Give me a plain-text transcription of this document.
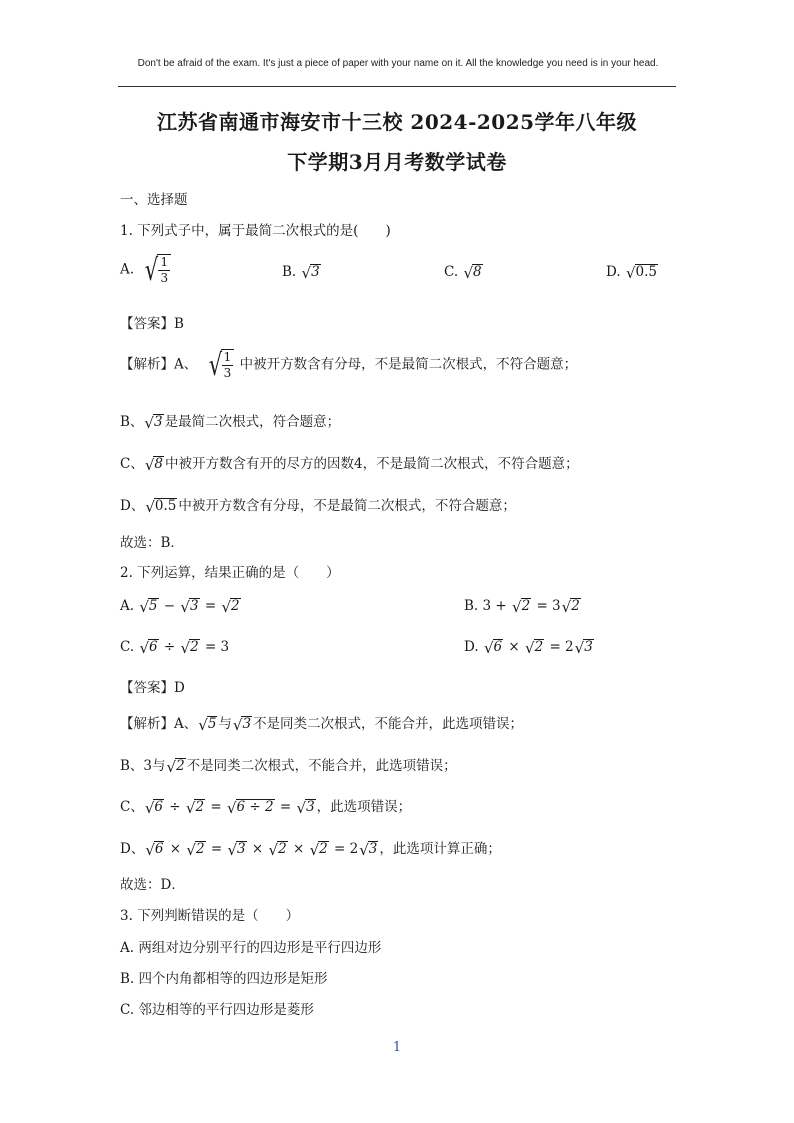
Don't be afraid of the exam. It's just a piece of paper with your name on it. All the knowledge you need is in your head.
江苏省南通市海安市十三校 2024-2025学年八年级
下学期3月月考数学试卷
一、选择题
1. 下列式子中，属于最简二次根式的是(　　)
A. √ $\frac{1}{3}$	B. √ 3	C. √ 8	D. √ 0.5
【答案】B
【解析】A、 √ $\frac{1}{3}$ 中被开方数含有分母，不是最简二次根式，不符合题意；
B、 √ 3 是最简二次根式，符合题意；
C、 √ 8 中被开方数含有开的尽方的因数4，不是最简二次根式，不符合题意；
D、 √ 0.5 中被开方数含有分母，不是最简二次根式，不符合题意；
故选：B．
2. 下列运算，结果正确的是（　　）
A. √ 5 − √ 3 = √ 2	B. 3 + √ 2 = 3 √ 2
C. √ 6 ÷ √ 2 = 3	D. √ 6 × √ 2 = 2 √ 3
【答案】D
【解析】A、 √ 5 与 √ 3 不是同类二次根式，不能合并，此选项错误；
B、3与 √ 2 不是同类二次根式，不能合并，此选项错误；
C、 √ 6 ÷ √ 2 = √ 6 ÷ 2 = √ 3 ，此选项错误；
D、 √ 6 × √ 2 = √ 3 × √ 2 × √ 2 = 2 √ 3 ，此选项计算正确；
故选：D．
3. 下列判断错误的是（　　）
A. 两组对边分别平行的四边形是平行四边形
B. 四个内角都相等的四边形是矩形
C. 邻边相等的平行四边形是菱形
1
